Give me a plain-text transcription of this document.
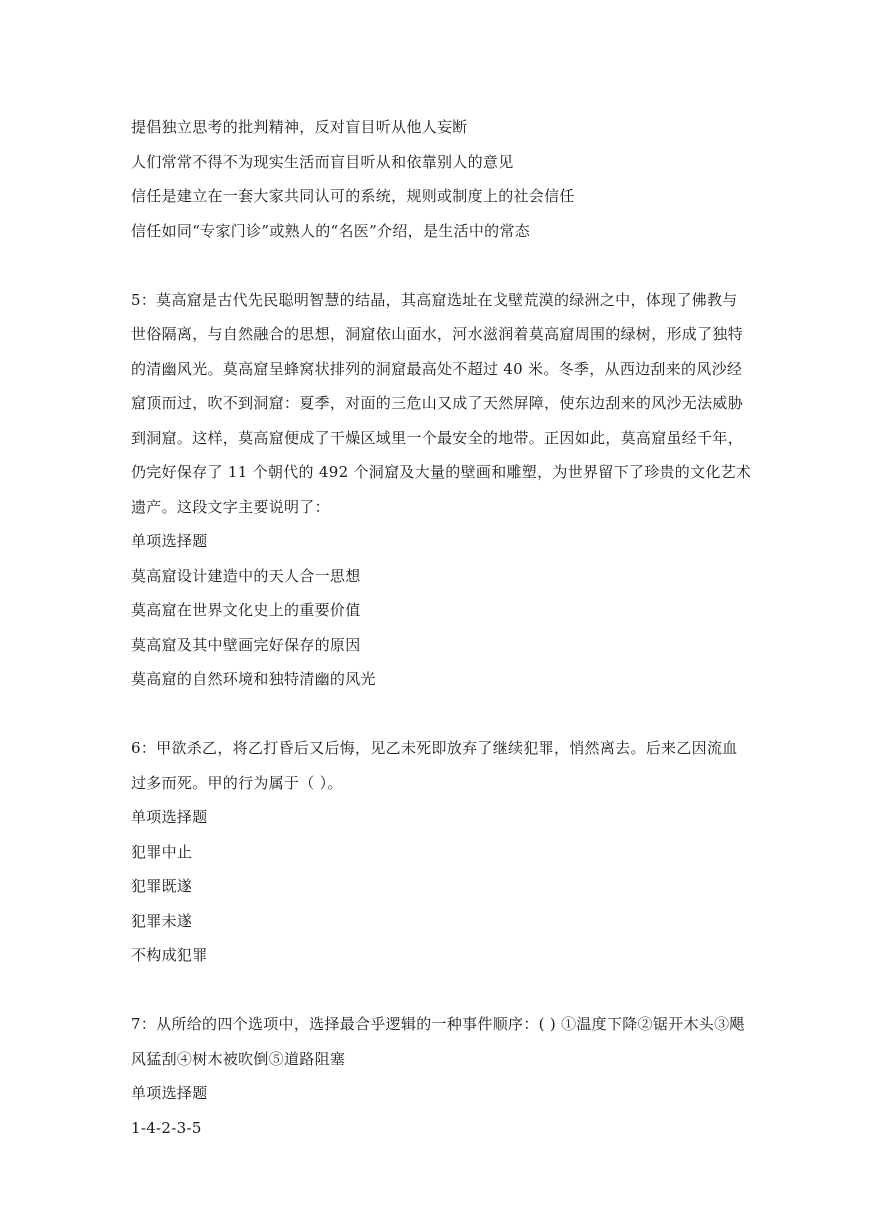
提倡独立思考的批判精神，反对盲目听从他人妄断
人们常常不得不为现实生活而盲目听从和依靠别人的意见
信任是建立在一套大家共同认可的系统，规则或制度上的社会信任
信任如同“专家门诊”或熟人的“名医”介绍，是生活中的常态
5：莫高窟是古代先民聪明智慧的结晶，其高窟选址在戈壁荒漠的绿洲之中，体现了佛教与
世俗隔离，与自然融合的思想，洞窟依山面水，河水滋润着莫高窟周围的绿树，形成了独特
的清幽风光。莫高窟呈蜂窝状排列的洞窟最高处不超过 40 米。冬季，从西边刮来的风沙经
窟顶而过，吹不到洞窟：夏季，对面的三危山又成了天然屏障，使东边刮来的风沙无法威胁
到洞窟。这样，莫高窟便成了干燥区域里一个最安全的地带。正因如此，莫高窟虽经千年，
仍完好保存了 11 个朝代的 492 个洞窟及大量的壁画和雕塑，为世界留下了珍贵的文化艺术
遗产。这段文字主要说明了：
单项选择题
莫高窟设计建造中的天人合一思想
莫高窟在世界文化史上的重要价值
莫高窟及其中壁画完好保存的原因
莫高窟的自然环境和独特清幽的风光
6：甲欲杀乙，将乙打昏后又后悔，见乙未死即放弃了继续犯罪，悄然离去。后来乙因流血
过多而死。甲的行为属于（ ）。
单项选择题
犯罪中止
犯罪既遂
犯罪未遂
不构成犯罪
7：从所给的四个选项中，选择最合乎逻辑的一种事件顺序：( ) ①温度下降②锯开木头③飓
风猛刮④树木被吹倒⑤道路阻塞
单项选择题
1-4-2-3-5
